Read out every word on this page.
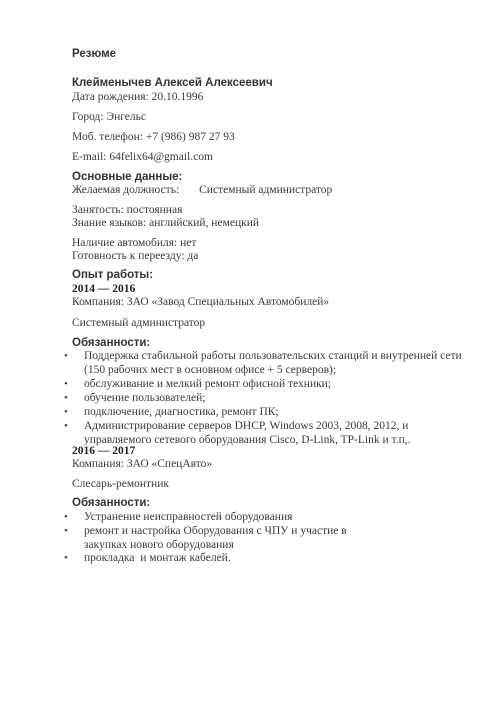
Резюме
Клейменычев Алексей Алексеевич
Дата рождения: 20.10.1996
Город: Энгельс
Моб. телефон: +7 (986) 987 27 93
E-mail: 64felix64@gmail.com
Основные данные:
Желаемая должность: Системный администратор
Занятость: постоянная
Знание языков: английский, немецкий
Наличие автомобиля: нет
Готовность к переезду: да
Опыт работы:
2014 — 2016
Компания: ЗАО «Завод Специальных Автомобилей»
Системный администратор
Обязанности:
•	Поддержка стабильной работы пользовательских станций и внутренней сети (150 рабочих мест в основном офисе + 5 серверов);
•	обслуживание и мелкий ремонт офисной техники;
•	обучение пользователей;
•	подключение, диагностика, ремонт ПК;
•	Администрирование серверов DHCP, Windows 2003, 2008, 2012, и управляемого сетевого оборудования Cisco, D-Link, TP-Link и т.п,.
2016 — 2017
Компания: ЗАО «СпецАвто»
Слесарь-ремонтник
Обязанности:
•	Устранение неисправностей оборудования
•	ремонт и настройка Оборудования с ЧПУ и участие в закупках нового оборудования
•	прокладка  и монтаж кабелей.
